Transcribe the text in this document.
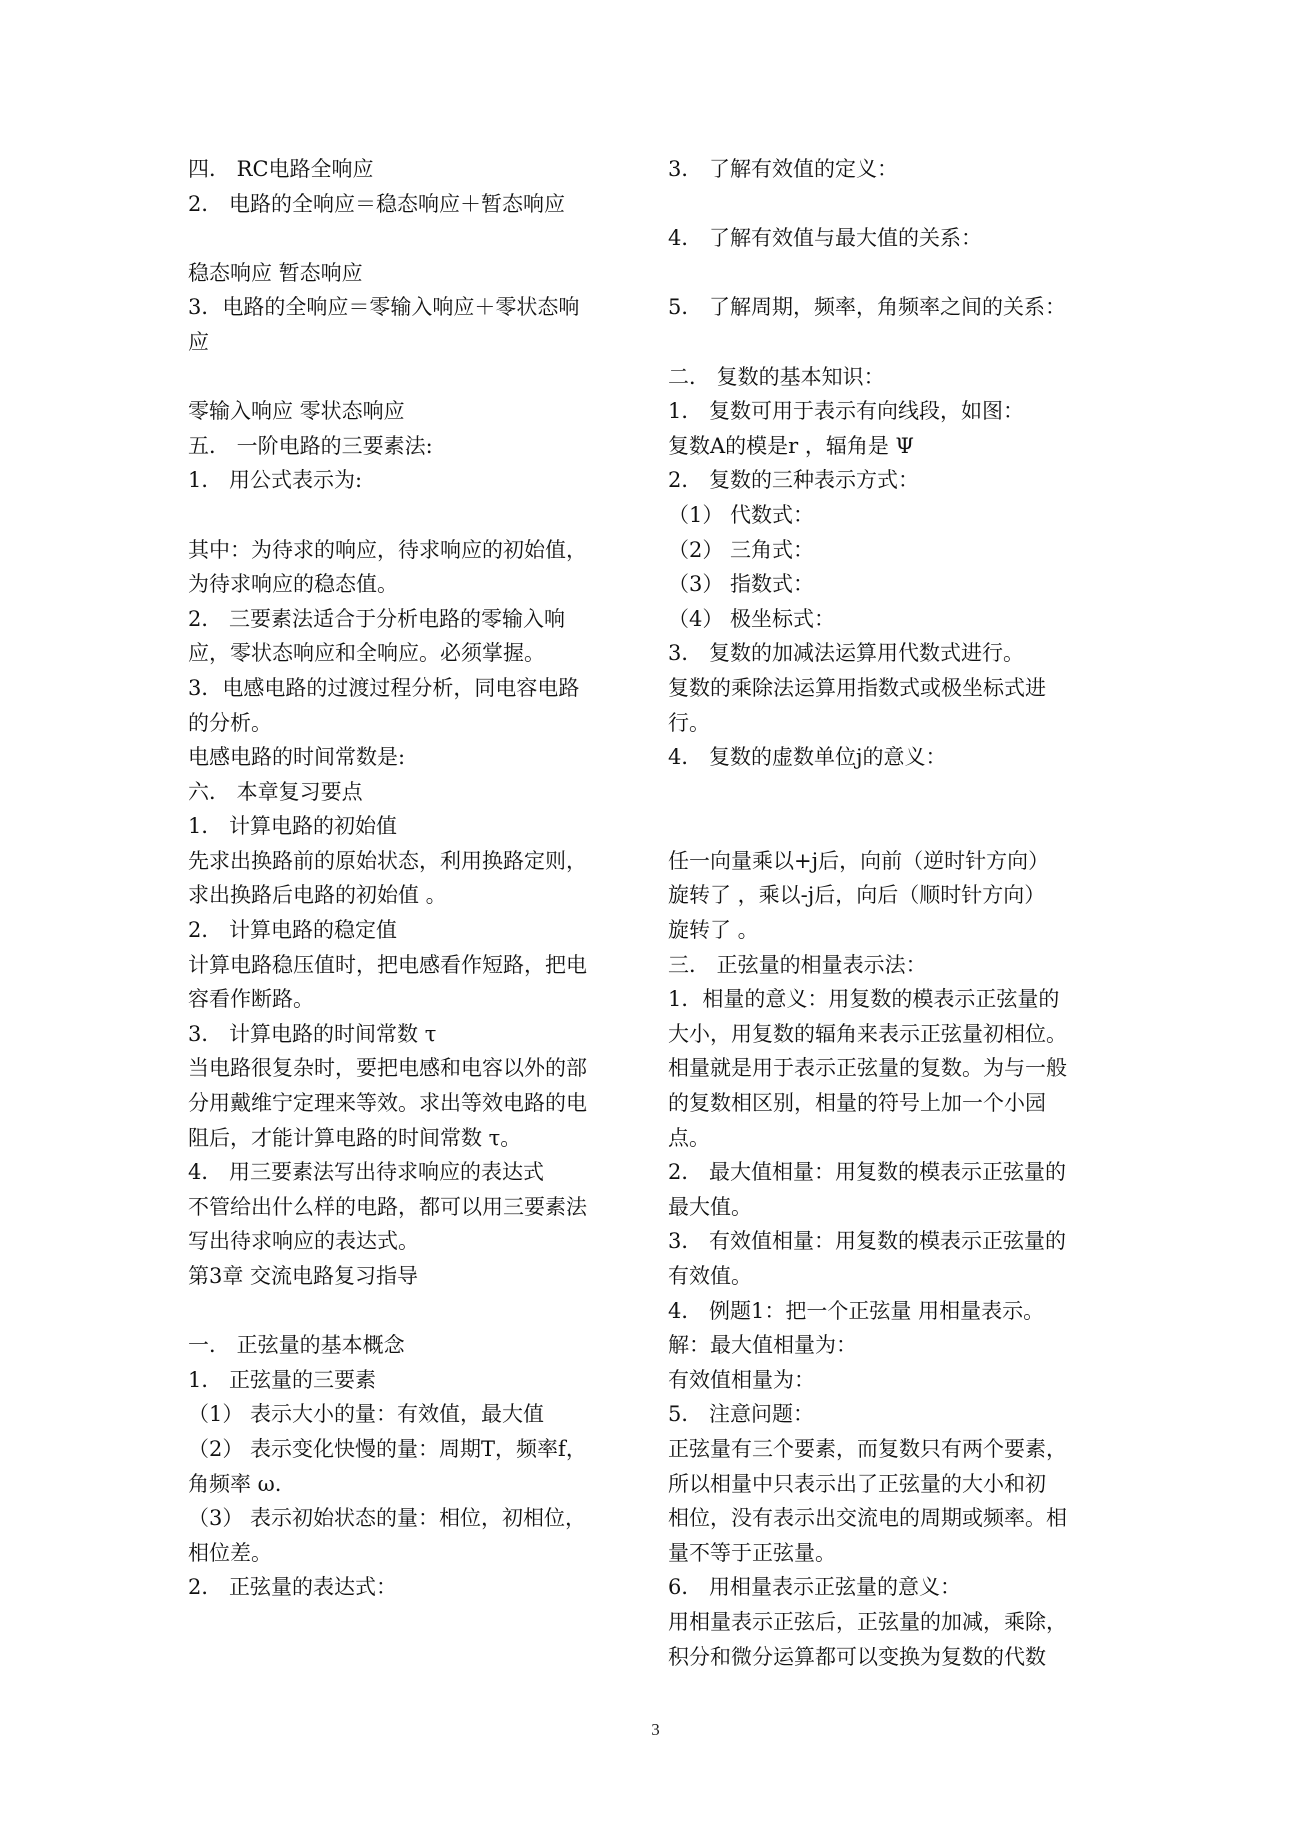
四． RC电路全响应
2． 电路的全响应＝稳态响应＋暂态响应
稳态响应 暂态响应
3．电路的全响应＝零输入响应＋零状态响
应
零输入响应 零状态响应
五． 一阶电路的三要素法:
1． 用公式表示为:
其中：为待求的响应，待求响应的初始值，
为待求响应的稳态值。
2． 三要素法适合于分析电路的零输入响
应，零状态响应和全响应。必须掌握。
3．电感电路的过渡过程分析，同电容电路
的分析。
电感电路的时间常数是:
六． 本章复习要点
1． 计算电路的初始值
先求出换路前的原始状态，利用换路定则，
求出换路后电路的初始值 。
2． 计算电路的稳定值
计算电路稳压值时，把电感看作短路，把电
容看作断路。
3． 计算电路的时间常数 τ
当电路很复杂时，要把电感和电容以外的部
分用戴维宁定理来等效。求出等效电路的电
阻后，才能计算电路的时间常数 τ。
4． 用三要素法写出待求响应的表达式
不管给出什么样的电路，都可以用三要素法
写出待求响应的表达式。
第3章 交流电路复习指导
一． 正弦量的基本概念
1． 正弦量的三要素
（1） 表示大小的量：有效值，最大值
（2） 表示变化快慢的量：周期T，频率f，
角频率 ω.
（3） 表示初始状态的量：相位，初相位，
相位差。
2． 正弦量的表达式：
3． 了解有效值的定义：
4． 了解有效值与最大值的关系：
5． 了解周期，频率，角频率之间的关系：
二． 复数的基本知识：
1． 复数可用于表示有向线段，如图：
复数A的模是r ，辐角是 Ψ
2． 复数的三种表示方式：
（1） 代数式：
（2） 三角式：
（3） 指数式：
（4） 极坐标式：
3． 复数的加减法运算用代数式进行。
复数的乘除法运算用指数式或极坐标式进
行。
4． 复数的虚数单位j的意义：
任一向量乘以+j后，向前（逆时针方向）
旋转了 ，乘以-j后，向后（顺时针方向）
旋转了 。
三． 正弦量的相量表示法：
1．相量的意义：用复数的模表示正弦量的
大小，用复数的辐角来表示正弦量初相位。
相量就是用于表示正弦量的复数。为与一般
的复数相区别，相量的符号上加一个小园
点。
2． 最大值相量：用复数的模表示正弦量的
最大值。
3． 有效值相量：用复数的模表示正弦量的
有效值。
4． 例题1：把一个正弦量 用相量表示。
解：最大值相量为：
有效值相量为：
5． 注意问题：
正弦量有三个要素，而复数只有两个要素，
所以相量中只表示出了正弦量的大小和初
相位，没有表示出交流电的周期或频率。相
量不等于正弦量。
6． 用相量表示正弦量的意义：
用相量表示正弦后，正弦量的加减，乘除，
积分和微分运算都可以变换为复数的代数
3
